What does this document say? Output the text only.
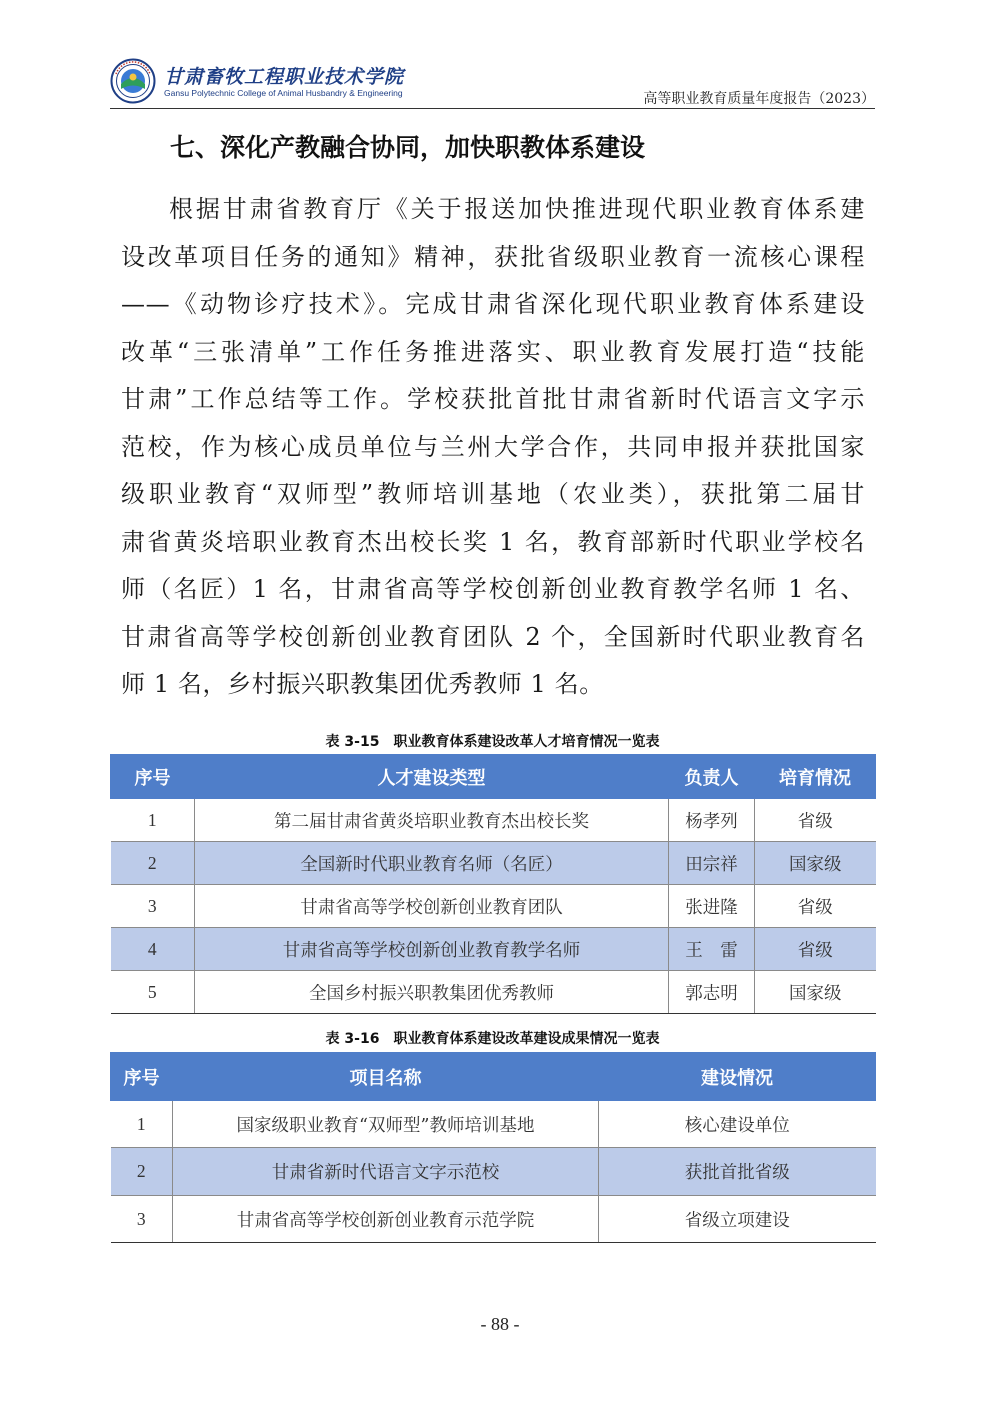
甘肃畜牧工程职业技术学院
Gansu Polytechnic College of Animal Husbandry & Engineering	高等职业教育质量年度报告（2023）
七、深化产教融合协同，加快职教体系建设

根据甘肃省教育厅《关于报送加快推进现代职业教育体系建

设改革项目任务的通知》精神，获批省级职业教育一流核心课程

——《动物诊疗技术》。完成甘肃省深化现代职业教育体系建设

改革“三张清单”工作任务推进落实、职业教育发展打造“技能

甘肃”工作总结等工作。学校获批首批甘肃省新时代语言文字示

范校，作为核心成员单位与兰州大学合作，共同申报并获批国家

级职业教育“双师型”教师培训基地（农业类），获批第二届甘

肃省黄炎培职业教育杰出校长奖 1 名，教育部新时代职业学校名

师（名匠）1 名，甘肃省高等学校创新创业教育教学名师 1 名、

甘肃省高等学校创新创业教育团队 2 个，全国新时代职业教育名

师 1 名，乡村振兴职教集团优秀教师 1 名。

表 3-15　职业教育体系建设改革人才培育情况一览表
序号	人才建设类型	负责人	培育情况
1	第二届甘肃省黄炎培职业教育杰出校长奖	杨孝列	省级
2	全国新时代职业教育名师（名匠）	田宗祥	国家级
3	甘肃省高等学校创新创业教育团队	张进隆	省级
4	甘肃省高等学校创新创业教育教学名师	王　雷	省级
5	全国乡村振兴职教集团优秀教师	郭志明	国家级
表 3-16　职业教育体系建设改革建设成果情况一览表
序号	项目名称	建设情况
1	国家级职业教育“双师型”教师培训基地	核心建设单位
2	甘肃省新时代语言文字示范校	获批首批省级
3	甘肃省高等学校创新创业教育示范学院	省级立项建设
- 88 -
